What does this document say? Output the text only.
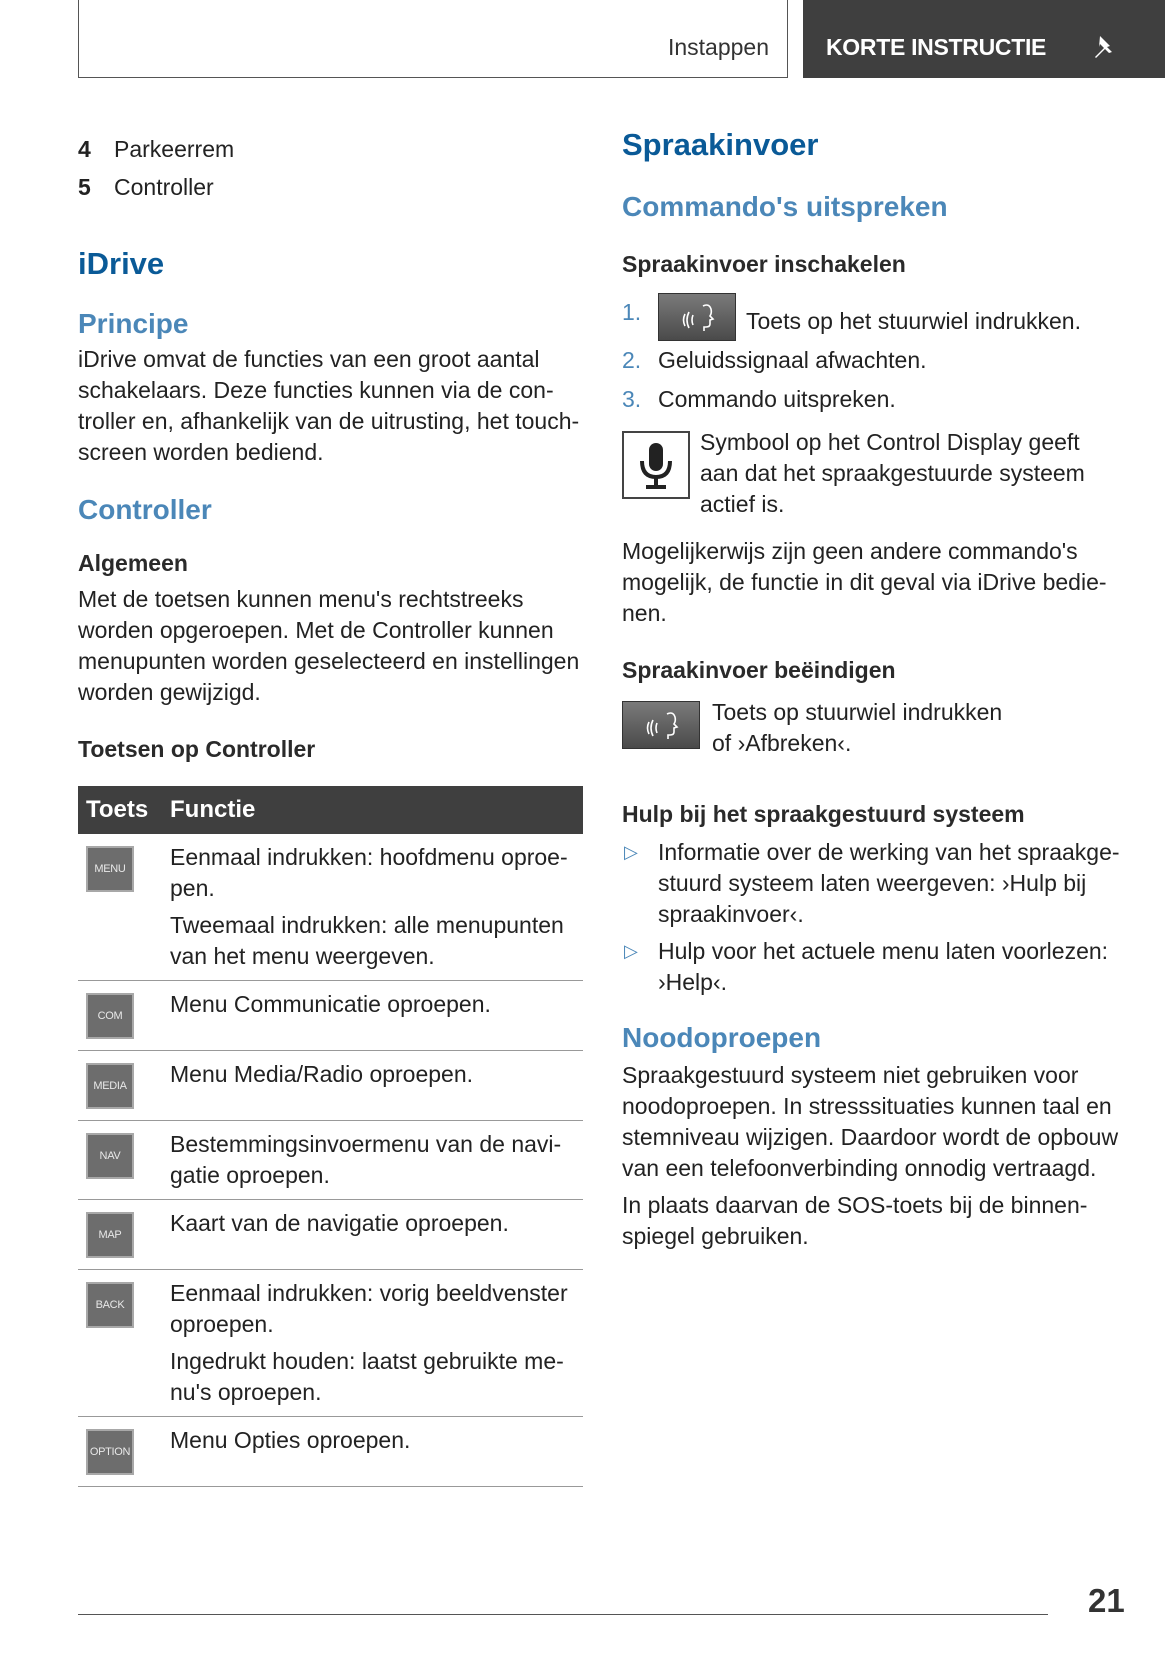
Instappen KORTE INSTRUCTIE
4 Parkeerrem
5 Controller
iDrive
Principe

iDrive omvat de functies van een groot aantal schakelaars. Deze functies kunnen via de controller en, afhankelijk van de uitrusting, het touchscreen worden bediend.

Controller
Algemeen

Met de toetsen kunnen menu's rechtstreeks worden opgeroepen. Met de Controller kunnen menupunten worden geselecteerd en instellingen worden gewijzigd.

Toetsen op Controller
Toets	Functie
MENU	Eenmaal indrukken: hoofdmenu oproepen.

Tweemaal indrukken: alle menupunten van het menu weergeven.

COM	Menu Communicatie oproepen.

MEDIA	Menu Media/Radio oproepen.

NAV	Bestemmingsinvoermenu van de navigatie oproepen.

MAP	Kaart van de navigatie oproepen.

BACK	Eenmaal indrukken: vorig beeldvenster oproepen.

Ingedrukt houden: laatst gebruikte menu's oproepen.

OPTION	Menu Opties oproepen.

Spraakinvoer
Commando's uitspreken
Spraakinvoer inschakelen
1.	Toets op het stuurwiel indrukken.
2. Geluidssignaal afwachten.
3. Commando uitspreken.

Symbool op het Control Display geeft aan dat het spraakgestuurde systeem actief is.

Mogelijkerwijs zijn geen andere commando's mogelijk, de functie in dit geval via iDrive bedienen.

Spraakinvoer beëindigen

Toets op stuurwiel indrukken of ›Afbreken‹.

Hulp bij het spraakgestuurd systeem
▷ Informatie over de werking van het spraakgestuurd systeem laten weergeven: ›Hulp bij spraakinvoer‹.
▷ Hulp voor het actuele menu laten voorlezen: ›Help‹.
Noodoproepen

Spraakgestuurd systeem niet gebruiken voor noodoproepen. In stresssituaties kunnen taal en stemniveau wijzigen. Daardoor wordt de opbouw van een telefoonverbinding onnodig vertraagd.

In plaats daarvan de SOS-toets bij de binnenspiegel gebruiken.

21
